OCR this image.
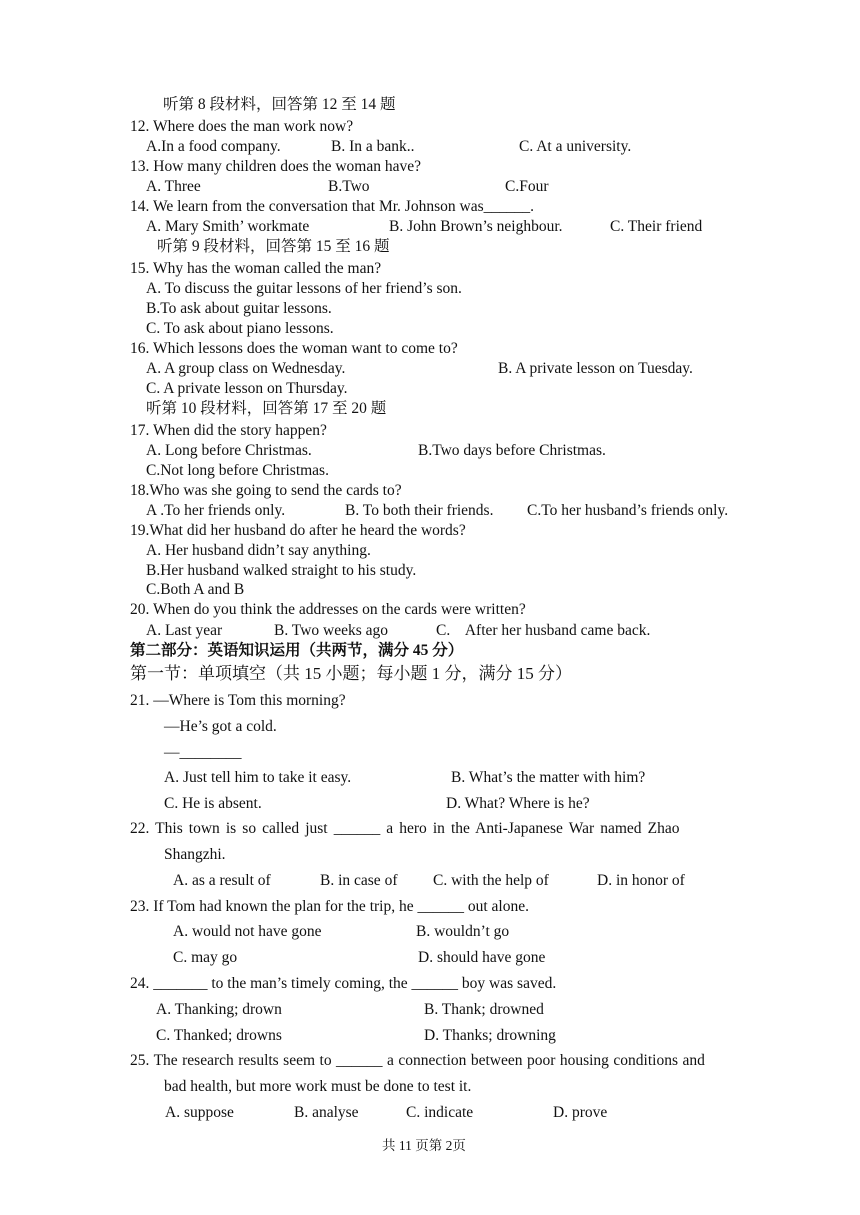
听第 8 段材料，回答第 12 至 14 题
12. Where does the man work now?
A.In a food company.	B. In a bank..	C. At a university.
13. How many children does the woman have?
A. Three	B.Two	C.Four
14. We learn from the conversation that Mr. Johnson was______.
A. Mary Smith’ workmate	B. John Brown’s neighbour.	C. Their friend
听第 9 段材料，回答第 15 至 16 题
15. Why has the woman called the man?
A. To discuss the guitar lessons of her friend’s son.
B.To ask about guitar lessons.
C. To ask about piano lessons.
16. Which lessons does the woman want to come to?
A. A group class on Wednesday.	B. A private lesson on Tuesday.
C. A private lesson on Thursday.
听第 10 段材料，回答第 17 至 20 题
17. When did the story happen?
A. Long before Christmas.	B.Two days before Christmas.
C.Not long before Christmas.
18.Who was she going to send the cards to?
A .To her friends only.	B. To both their friends. C.To her husband’s friends only.
19.What did her husband do after he heard the words?
A. Her husband didn’t say anything.
B.Her husband walked straight to his study.
C.Both A and B
20. When do you think the addresses on the cards were written?
A. Last year	B. Two weeks ago	C.    After her husband came back.
第二部分：英语知识运用（共两节，满分 45 分）
第一节：单项填空（共 15 小题；每小题 1 分，满分 15 分）
21. —Where is Tom this morning?
—He’s got a cold.
—________
A. Just tell him to take it easy.	B. What’s the matter with him?
C. He is absent.	D. What? Where is he?
22. This town is so called just ______ a hero in the Anti-Japanese War named Zhao
Shangzhi.
A. as a result of	B. in case of C. with the help of	D. in honor of
23. If Tom had known the plan for the trip, he ______ out alone.
A. would not have gone	B. wouldn’t go
C. may go	D. should have gone
24. _______ to the man’s timely coming, the ______ boy was saved.
A. Thanking; drown	B. Thank; drowned
C. Thanked; drowns	D. Thanks; drowning
25. The research results seem to ______ a connection between poor housing conditions and
bad health, but more work must be done to test it.
A. suppose	B. analyse	C. indicate	D. prove
共 11 页第 2页
